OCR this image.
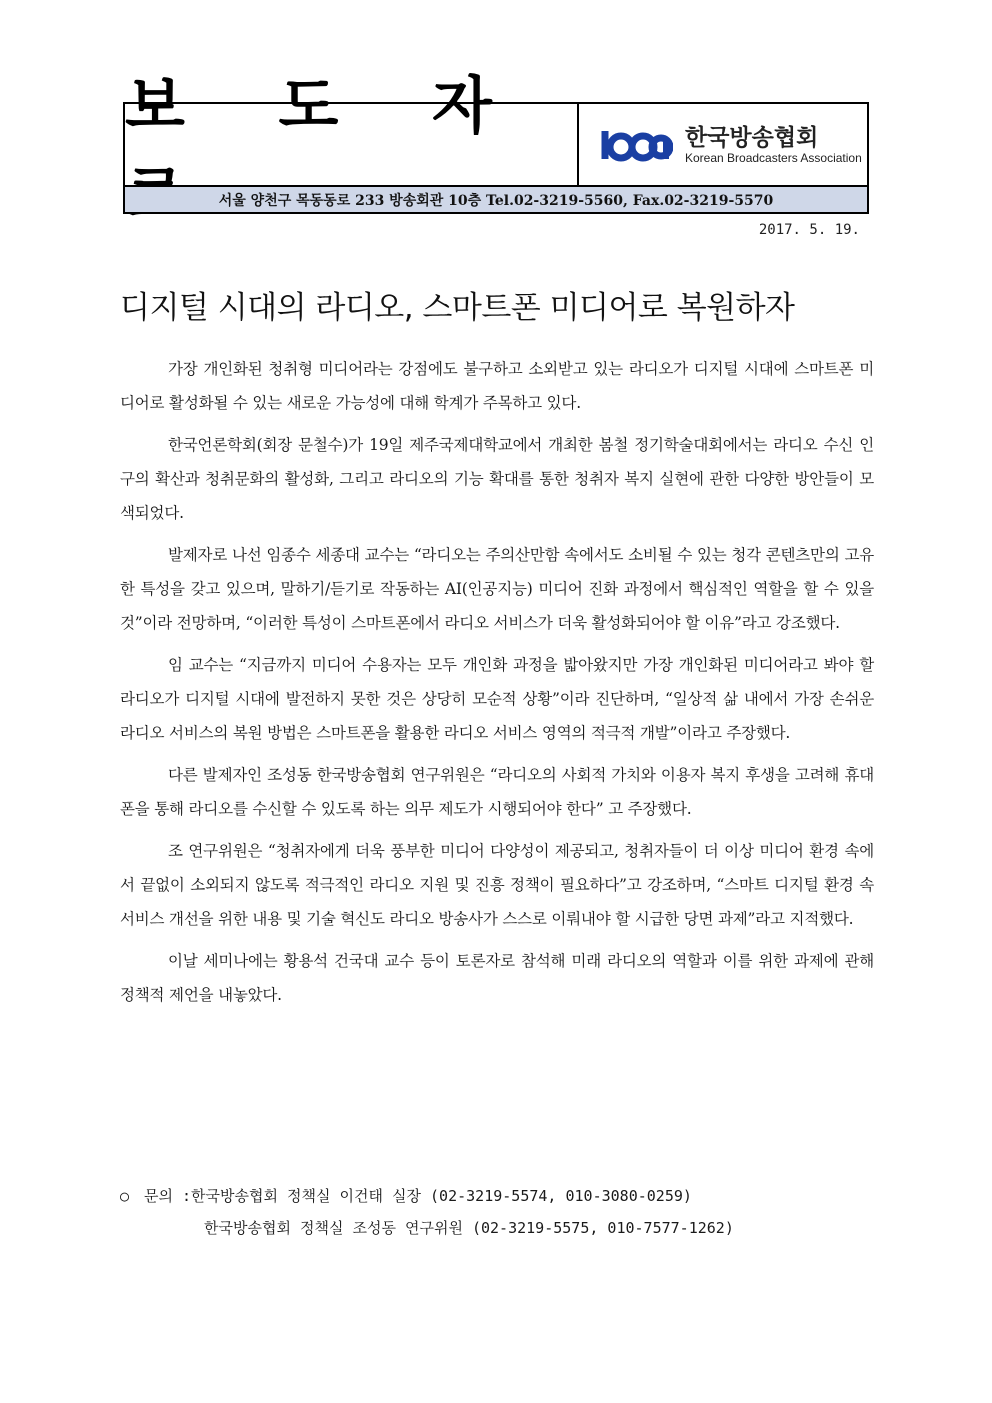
보 도 자	한국방송협회
Korean Broadcasters Association
서울 양천구 목동동로 233 방송회관 10층 Tel.02-3219-5560, Fax.02-3219-5570
2017. 5. 19.
디지털 시대의 라디오, 스마트폰 미디어로 복원하자

가장 개인화된 청취형 미디어라는 강점에도 불구하고 소외받고 있는 라디오가 디지털 시대에 스마트폰 미디어로 활성화될 수 있는 새로운 가능성에 대해 학계가 주목하고 있다.

한국언론학회(회장 문철수)가 19일 제주국제대학교에서 개최한 봄철 정기학술대회에서는 라디오 수신 인구의 확산과 청취문화의 활성화, 그리고 라디오의 기능 확대를 통한 청취자 복지 실현에 관한 다양한 방안들이 모색되었다.

발제자로 나선 임종수 세종대 교수는 “라디오는 주의산만함 속에서도 소비될 수 있는 청각 콘텐츠만의 고유한 특성을 갖고 있으며, 말하기/듣기로 작동하는 AI(인공지능) 미디어 진화 과정에서 핵심적인 역할을 할 수 있을 것”이라 전망하며, “이러한 특성이 스마트폰에서 라디오 서비스가 더욱 활성화되어야 할 이유”라고 강조했다.

임 교수는 “지금까지 미디어 수용자는 모두 개인화 과정을 밟아왔지만 가장 개인화된 미디어라고 봐야 할 라디오가 디지털 시대에 발전하지 못한 것은 상당히 모순적 상황”이라 진단하며, “일상적 삶 내에서 가장 손쉬운 라디오 서비스의 복원 방법은 스마트폰을 활용한 라디오 서비스 영역의 적극적 개발”이라고 주장했다.

다른 발제자인 조성동 한국방송협회 연구위원은 “라디오의 사회적 가치와 이용자 복지 후생을 고려해 휴대폰을 통해 라디오를 수신할 수 있도록 하는 의무 제도가 시행되어야 한다” 고 주장했다.

조 연구위원은 “청취자에게 더욱 풍부한 미디어 다양성이 제공되고, 청취자들이 더 이상 미디어 환경 속에서 끝없이 소외되지 않도록 적극적인 라디오 지원 및 진흥 정책이 필요하다”고 강조하며, “스마트 디지털 환경 속 서비스 개선을 위한 내용 및 기술 혁신도 라디오 방송사가 스스로 이뤄내야 할 시급한 당면 과제”라고 지적했다.

이날 세미나에는 황용석 건국대 교수 등이 토론자로 참석해 미래 라디오의 역할과 이를 위한 과제에 관해 정책적 제언을 내놓았다.

○ 문의 :한국방송협회 정책실 이건태 실장 (02-3219-5574, 010-3080-0259)
한국방송협회 정책실 조성동 연구위원 (02-3219-5575, 010-7577-1262)
